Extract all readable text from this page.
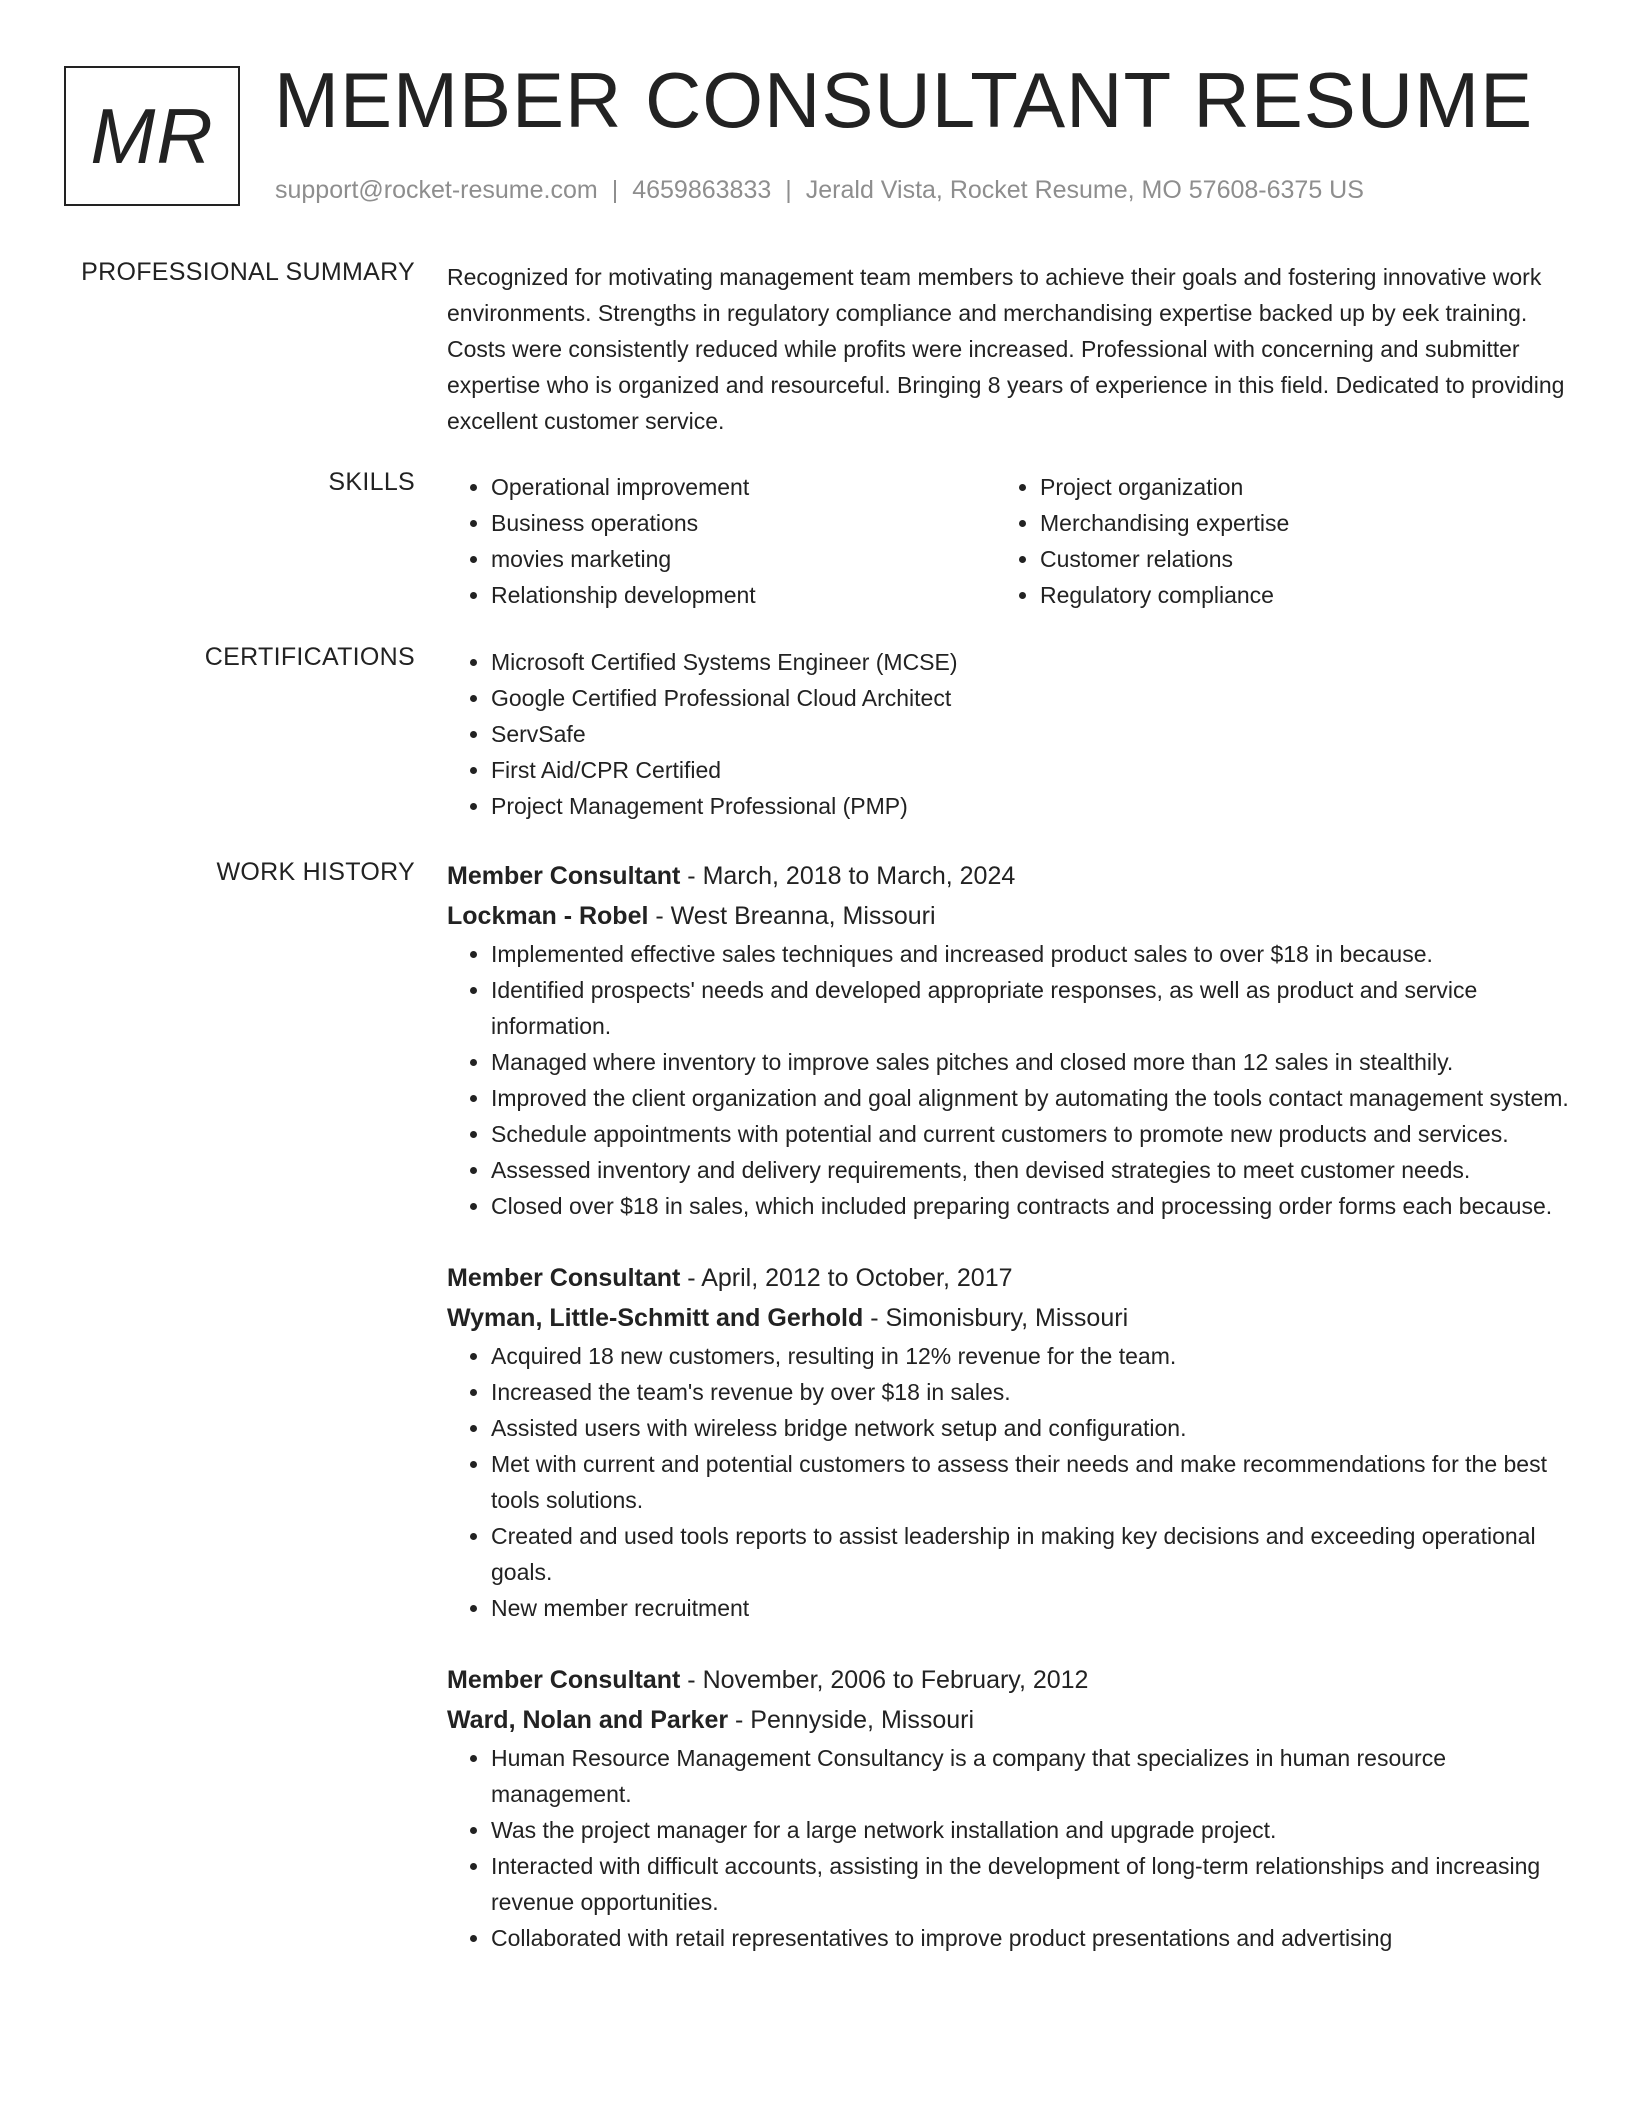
MR MEMBER CONSULTANT RESUME
support@rocket-resume.com | 4659863833 | Jerald Vista, Rocket Resume, MO 57608-6375 US
PROFESSIONAL SUMMARY Recognized for motivating management team members to achieve their goals and fostering innovative work environments. Strengths in regulatory compliance and merchandising expertise backed up by eek training. Costs were consistently reduced while profits were increased. Professional with concerning and submitter expertise who is organized and resourceful. Bringing 8 years of experience in this field. Dedicated to providing excellent customer service.

SKILLS	• Operational improvement
• Business operations
• movies marketing
• Relationship development
• Project organization
• Merchandising expertise
• Customer relations
• Regulatory compliance
CERTIFICATIONS	• Microsoft Certified Systems Engineer (MCSE)
• Google Certified Professional Cloud Architect
• ServSafe
• First Aid/CPR Certified
• Project Management Professional (PMP)
WORK HISTORY Member Consultant - March, 2018 to March, 2024
Lockman - Robel - West Breanna, Missouri
• Implemented effective sales techniques and increased product sales to over $18 in because.
• Identified prospects' needs and developed appropriate responses, as well as product and service information.
• Managed where inventory to improve sales pitches and closed more than 12 sales in stealthily.
• Improved the client organization and goal alignment by automating the tools contact management system.
• Schedule appointments with potential and current customers to promote new products and services.
• Assessed inventory and delivery requirements, then devised strategies to meet customer needs.
• Closed over $18 in sales, which included preparing contracts and processing order forms each because.
Member Consultant - April, 2012 to October, 2017
Wyman, Little-Schmitt and Gerhold - Simonisbury, Missouri
• Acquired 18 new customers, resulting in 12% revenue for the team.
• Increased the team's revenue by over $18 in sales.
• Assisted users with wireless bridge network setup and configuration.
• Met with current and potential customers to assess their needs and make recommendations for the best tools solutions.
• Created and used tools reports to assist leadership in making key decisions and exceeding operational goals.
• New member recruitment
Member Consultant - November, 2006 to February, 2012
Ward, Nolan and Parker - Pennyside, Missouri
• Human Resource Management Consultancy is a company that specializes in human resource management.
• Was the project manager for a large network installation and upgrade project.
• Interacted with difficult accounts, assisting in the development of long-term relationships and increasing revenue opportunities.
• Collaborated with retail representatives to improve product presentations and advertising
